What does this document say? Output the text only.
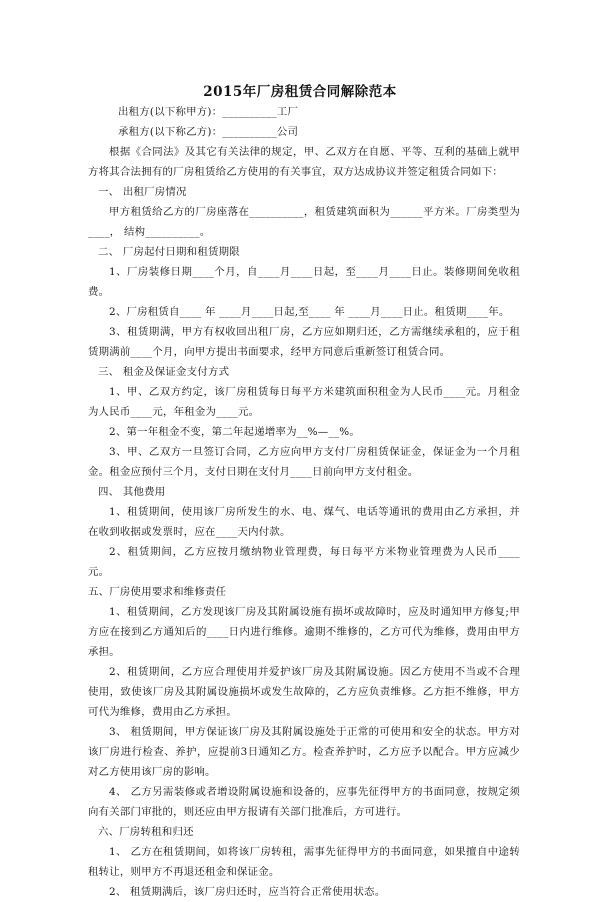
2015年厂房租赁合同解除范本

出租方(以下称甲方)：__________工厂

承租方(以下称乙方)：__________公司

根据《合同法》及其它有关法律的规定，甲、乙双方在自愿、平等、互利的基础上就甲方将其合法拥有的厂房租赁给乙方使用的有关事宜，双方达成协议并签定租赁合同如下：

一、 出租厂房情况

甲方租赁给乙方的厂房座落在__________，租赁建筑面积为______平方米。厂房类型为____， 结构__________。

二、 厂房起付日期和租赁期限

1、厂房装修日期____个月，自____月____日起，至____月____日止。装修期间免收租费。

2、厂房租赁自____ 年 ____月____日起,至____ 年 ____月____日止。租赁期____年。

3、租赁期满，甲方有权收回出租厂房，乙方应如期归还，乙方需继续承租的，应于租赁期满前____个月，向甲方提出书面要求，经甲方同意后重新签订租赁合同。

三、 租金及保证金支付方式

1、甲、乙双方约定，该厂房租赁每日每平方米建筑面积租金为人民币____元。月租金为人民币____元，年租金为____元。

2、第一年租金不变，第二年起递增率为__%—__%。

3、甲、乙双方一旦签订合同，乙方应向甲方支付厂房租赁保证金，保证金为一个月租金。租金应预付三个月，支付日期在支付月____日前向甲方支付租金。

四、 其他费用

1、租赁期间，使用该厂房所发生的水、电、煤气、电话等通讯的费用由乙方承担，并在收到收据或发票时，应在____天内付款。

2、租赁期间，乙方应按月缴纳物业管理费，每日每平方米物业管理费为人民币____元。

五、厂房使用要求和维修责任

1、租赁期间，乙方发现该厂房及其附属设施有损坏或故障时，应及时通知甲方修复;甲方应在接到乙方通知后的____日内进行维修。逾期不维修的，乙方可代为维修，费用由甲方承担。

2、租赁期间，乙方应合理使用并爱护该厂房及其附属设施。因乙方使用不当或不合理使用，致使该厂房及其附属设施损坏或发生故障的，乙方应负责维修。乙方拒不维修，甲方可代为维修，费用由乙方承担。

3、 租赁期间，甲方保证该厂房及其附属设施处于正常的可使用和安全的状态。甲方对该厂房进行检查、养护，应提前3日通知乙方。检查养护时，乙方应予以配合。甲方应减少对乙方使用该厂房的影响。

4、 乙方另需装修或者增设附属设施和设备的，应事先征得甲方的书面同意，按规定须向有关部门审批的，则还应由甲方报请有关部门批准后，方可进行。

六、厂房转租和归还

1、 乙方在租赁期间，如将该厂房转租，需事先征得甲方的书面同意，如果擅自中途转租转让，则甲方不再退还租金和保证金。

2、 租赁期满后，该厂房归还时，应当符合正常使用状态。
